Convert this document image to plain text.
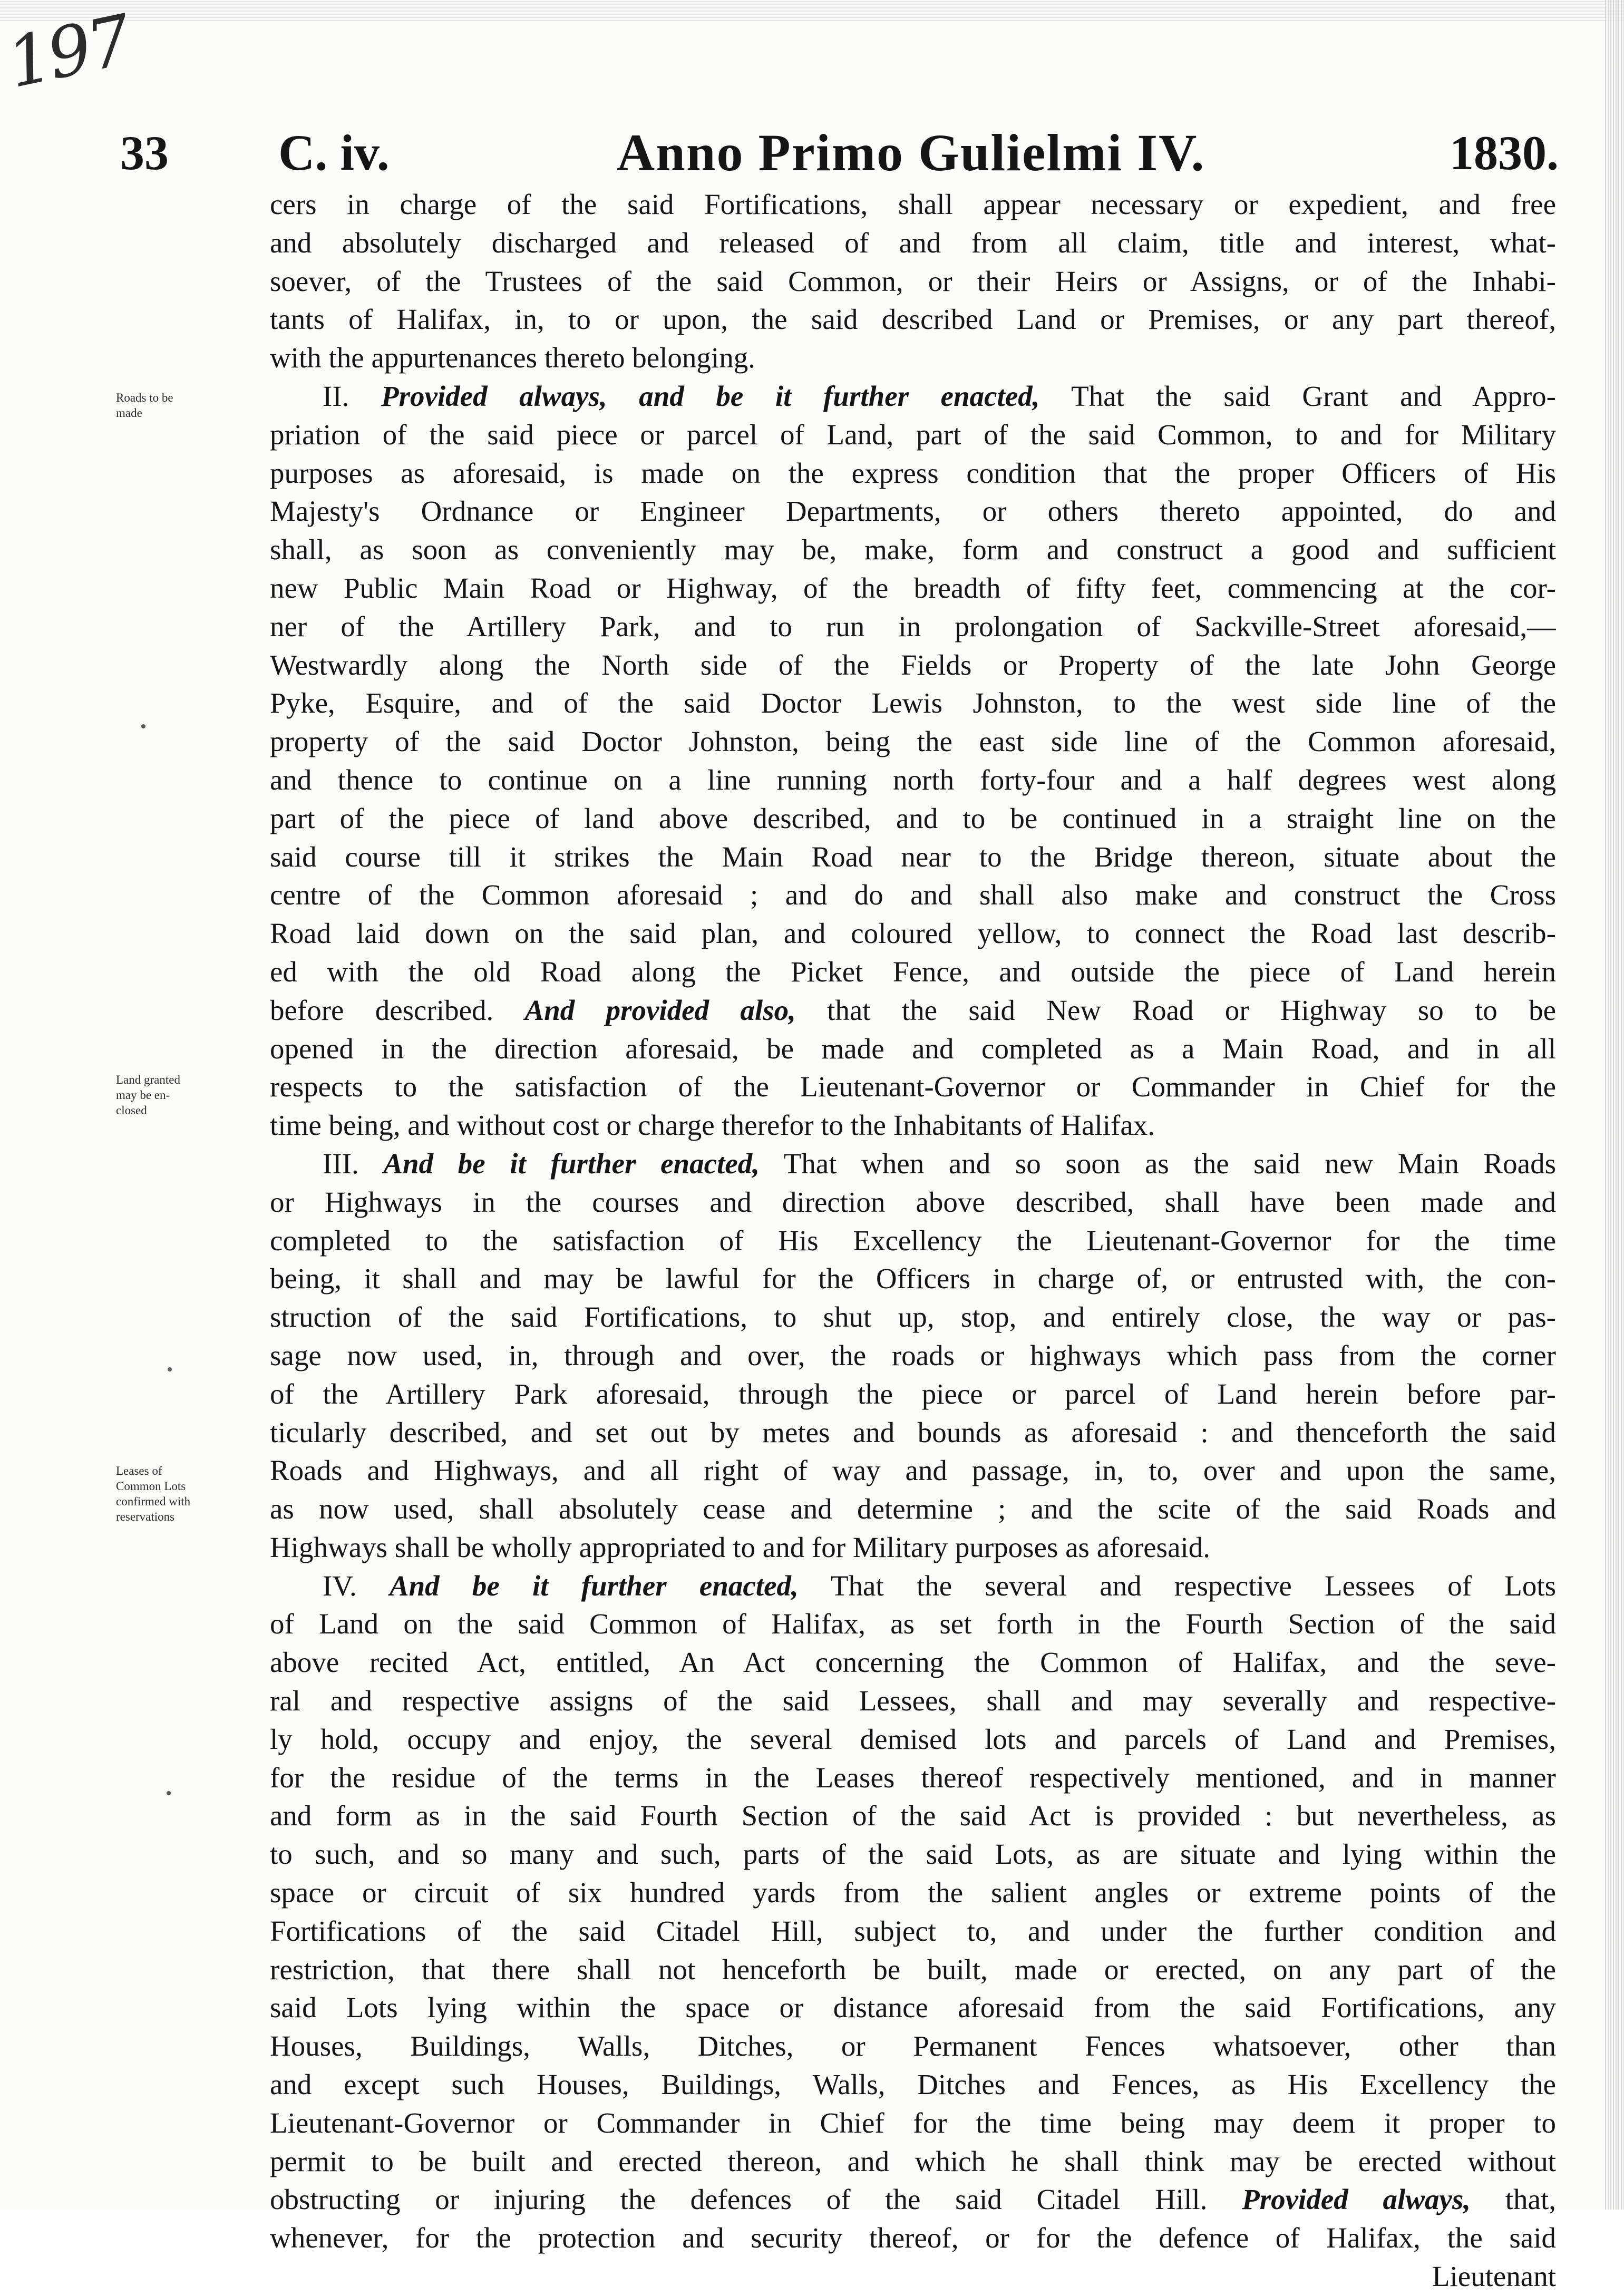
197
33 C. iv.	Anno Primo Gulielmi IV.	1830.
Roads to be
made
Land granted
may be en-
closed
Leases of
Common Lots
confirmed with
reservations
cers in charge of the said Fortifications, shall appear necessary or expedient, and free
and absolutely discharged and released of and from all claim, title and interest, what-
soever, of the Trustees of the said Common, or their Heirs or Assigns, or of the Inhabi-
tants of Halifax, in, to or upon, the said described Land or Premises, or any part thereof,
with the appurtenances thereto belonging.
II. Provided always, and be it further enacted, That the said Grant and Appro-
priation of the said piece or parcel of Land, part of the said Common, to and for Military
purposes as aforesaid, is made on the express condition that the proper Officers of His
Majesty's Ordnance or Engineer Departments, or others thereto appointed, do and
shall, as soon as conveniently may be, make, form and construct a good and sufficient
new Public Main Road or Highway, of the breadth of fifty feet, commencing at the cor-
ner of the Artillery Park, and to run in prolongation of Sackville-Street aforesaid,—
Westwardly along the North side of the Fields or Property of the late John George
Pyke, Esquire, and of the said Doctor Lewis Johnston, to the west side line of the
property of the said Doctor Johnston, being the east side line of the Common aforesaid,
and thence to continue on a line running north forty-four and a half degrees west along
part of the piece of land above described, and to be continued in a straight line on the
said course till it strikes the Main Road near to the Bridge thereon, situate about the
centre of the Common aforesaid ; and do and shall also make and construct the Cross
Road laid down on the said plan, and coloured yellow, to connect the Road last describ-
ed with the old Road along the Picket Fence, and outside the piece of Land herein
before described. And provided also, that the said New Road or Highway so to be
opened in the direction aforesaid, be made and completed as a Main Road, and in all
respects to the satisfaction of the Lieutenant-Governor or Commander in Chief for the
time being, and without cost or charge therefor to the Inhabitants of Halifax.
III. And be it further enacted, That when and so soon as the said new Main Roads
or Highways in the courses and direction above described, shall have been made and
completed to the satisfaction of His Excellency the Lieutenant-Governor for the time
being, it shall and may be lawful for the Officers in charge of, or entrusted with, the con-
struction of the said Fortifications, to shut up, stop, and entirely close, the way or pas-
sage now used, in, through and over, the roads or highways which pass from the corner
of the Artillery Park aforesaid, through the piece or parcel of Land herein before par-
ticularly described, and set out by metes and bounds as aforesaid : and thenceforth the said
Roads and Highways, and all right of way and passage, in, to, over and upon the same,
as now used, shall absolutely cease and determine ; and the scite of the said Roads and
Highways shall be wholly appropriated to and for Military purposes as aforesaid.
IV. And be it further enacted, That the several and respective Lessees of Lots
of Land on the said Common of Halifax, as set forth in the Fourth Section of the said
above recited Act, entitled, An Act concerning the Common of Halifax, and the seve-
ral and respective assigns of the said Lessees, shall and may severally and respective-
ly hold, occupy and enjoy, the several demised lots and parcels of Land and Premises,
for the residue of the terms in the Leases thereof respectively mentioned, and in manner
and form as in the said Fourth Section of the said Act is provided : but nevertheless, as
to such, and so many and such, parts of the said Lots, as are situate and lying within the
space or circuit of six hundred yards from the salient angles or extreme points of the
Fortifications of the said Citadel Hill, subject to, and under the further condition and
restriction, that there shall not henceforth be built, made or erected, on any part of the
said Lots lying within the space or distance aforesaid from the said Fortifications, any
Houses, Buildings, Walls, Ditches, or Permanent Fences whatsoever, other than
and except such Houses, Buildings, Walls, Ditches and Fences, as His Excellency the
Lieutenant-Governor or Commander in Chief for the time being may deem it proper to
permit to be built and erected thereon, and which he shall think may be erected without
obstructing or injuring the defences of the said Citadel Hill. Provided always, that,
whenever, for the protection and security thereof, or for the defence of Halifax, the said
Lieutenant
